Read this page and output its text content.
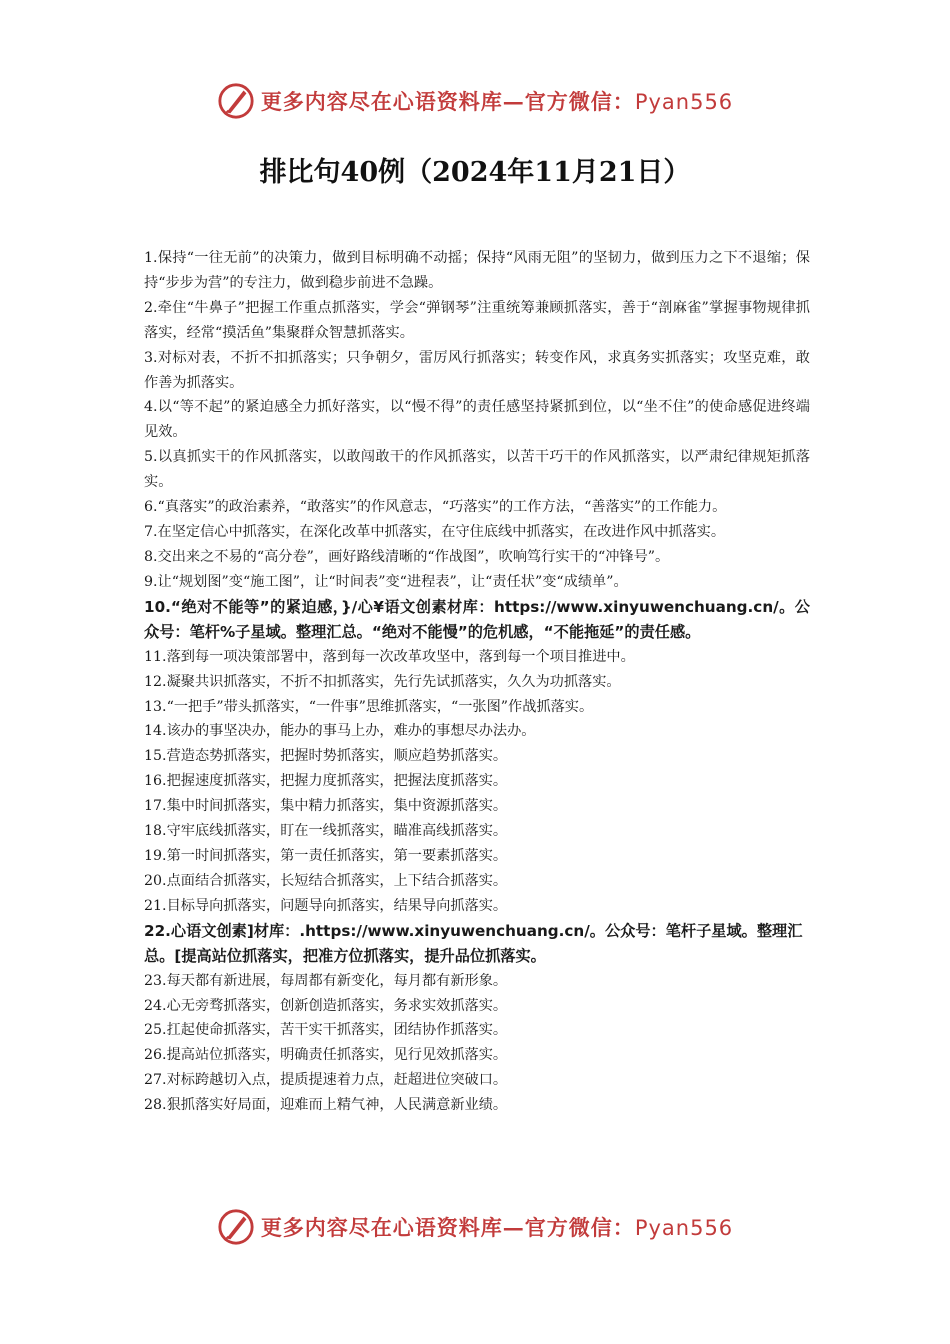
更多内容尽在心语资料库—官方微信：Pyan556
排比句40例（2024年11月21日）

1.保持“一往无前”的决策力，做到目标明确不动摇；保持“风雨无阻”的坚韧力，做到压力之下不退缩；保持“步步为营”的专注力，做到稳步前进不急躁。

2.牵住“牛鼻子”把握工作重点抓落实，学会“弹钢琴”注重统筹兼顾抓落实，善于“剖麻雀”掌握事物规律抓落实，经常“摸活鱼”集聚群众智慧抓落实。

3.对标对表，不折不扣抓落实；只争朝夕，雷厉风行抓落实；转变作风，求真务实抓落实；攻坚克难，敢作善为抓落实。

4.以“等不起”的紧迫感全力抓好落实，以“慢不得”的责任感坚持紧抓到位，以“坐不住”的使命感促进终端见效。

5.以真抓实干的作风抓落实，以敢闯敢干的作风抓落实，以苦干巧干的作风抓落实，以严肃纪律规矩抓落实。

6.“真落实”的政治素养，“敢落实”的作风意志，“巧落实”的工作方法，“善落实”的工作能力。

7.在坚定信心中抓落实，在深化改革中抓落实，在守住底线中抓落实，在改进作风中抓落实。

8.交出来之不易的“高分卷”，画好路线清晰的“作战图”，吹响笃行实干的“冲锋号”。

9.让“规划图”变“施工图”，让“时间表”变“进程表”，让“责任状”变“成绩单”。

10.“绝对不能等”的紧迫感，}/心¥语文创素材库：https://www.xinyuwenchuang.cn/。公众号：笔杆%子星域。整理汇总。“绝对不能慢”的危机感，“不能拖延”的责任感。

11.落到每一项决策部署中，落到每一次改革攻坚中，落到每一个项目推进中。

12.凝聚共识抓落实，不折不扣抓落实，先行先试抓落实，久久为功抓落实。

13.“一把手”带头抓落实，“一件事”思维抓落实，“一张图”作战抓落实。

14.该办的事坚决办，能办的事马上办，难办的事想尽办法办。

15.营造态势抓落实，把握时势抓落实，顺应趋势抓落实。

16.把握速度抓落实，把握力度抓落实，把握法度抓落实。

17.集中时间抓落实，集中精力抓落实，集中资源抓落实。

18.守牢底线抓落实，盯在一线抓落实，瞄准高线抓落实。

19.第一时间抓落实，第一责任抓落实，第一要素抓落实。

20.点面结合抓落实，长短结合抓落实，上下结合抓落实。

21.目标导向抓落实，问题导向抓落实，结果导向抓落实。

22.心语文创素]材库：.https://www.xinyuwenchuang.cn/。公众号：笔杆子星域。整理汇总。[提高站位抓落实，把准方位抓落实，提升品位抓落实。

23.每天都有新进展，每周都有新变化，每月都有新形象。

24.心无旁骛抓落实，创新创造抓落实，务求实效抓落实。

25.扛起使命抓落实，苦干实干抓落实，团结协作抓落实。

26.提高站位抓落实，明确责任抓落实，见行见效抓落实。

27.对标跨越切入点，提质提速着力点，赶超进位突破口。

28.狠抓落实好局面，迎难而上精气神，人民满意新业绩。

更多内容尽在心语资料库—官方微信：Pyan556
